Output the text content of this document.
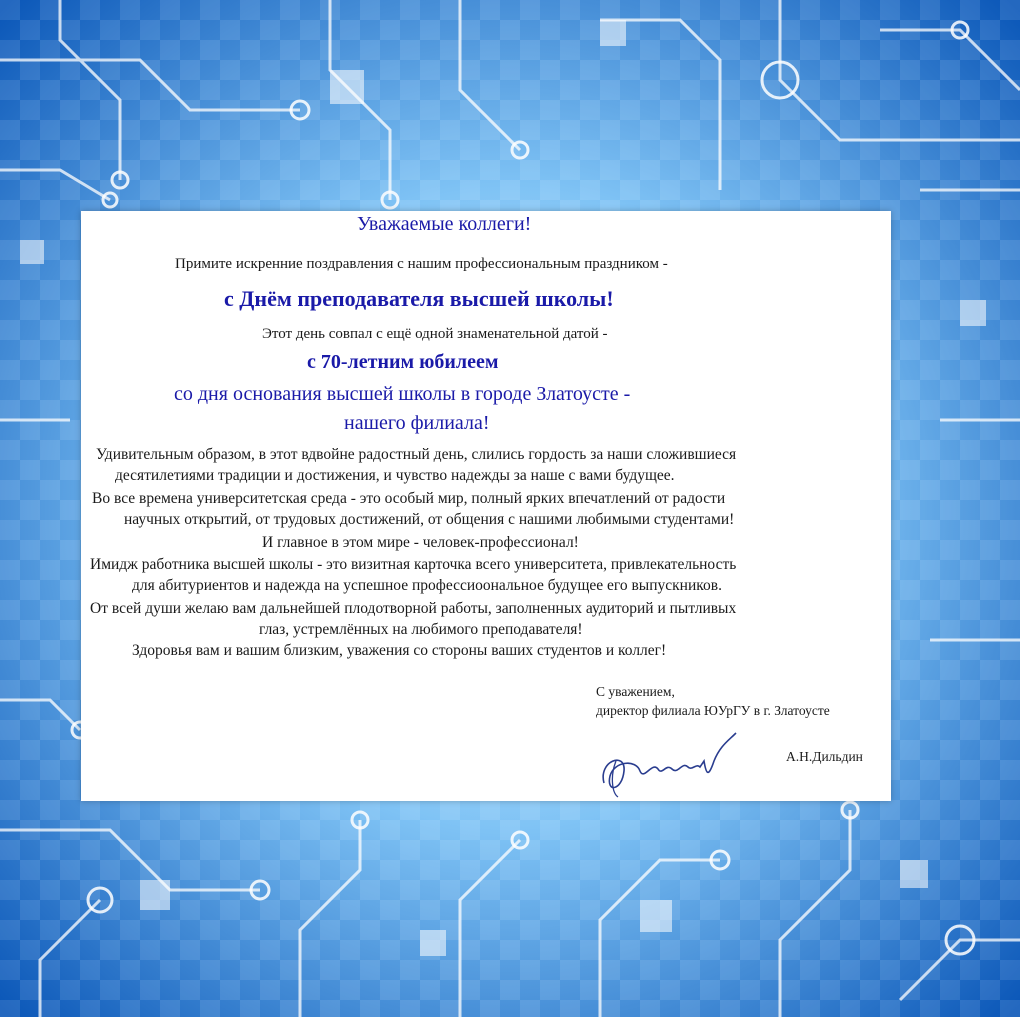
Уважаемые коллеги!
Примите искренние поздравления с нашим профессиональным праздником -
с Днём преподавателя высшей школы!
Этот день совпал с ещё одной знаменательной датой -
с 70-летним юбилеем
со дня основания высшей школы в городе Златоусте -
нашего филиала!
Удивительным образом, в этот вдвойне радостный день, слились гордость за наши сложившиеся
десятилетиями традиции и достижения, и чувство надежды за наше с вами будущее.
Во все времена университетская среда - это особый мир, полный ярких впечатлений от радости
научных открытий, от трудовых достижений, от общения с нашими любимыми студентами!
И главное в этом мире - человек-профессионал!
Имидж работника высшей школы - это визитная карточка всего университета, привлекательность
для абитуриентов и надежда на успешное профессиоональное будущее его выпускников.
От всей души желаю вам дальнейшей плодотворной работы, заполненных аудиторий и пытливых
глаз, устремлённых на любимого преподавателя!
Здоровья вам и вашим близким, уважения со стороны ваших студентов и коллег!
С уважением,
директор филиала ЮУрГУ в г. Златоусте
А.Н.Дильдин
